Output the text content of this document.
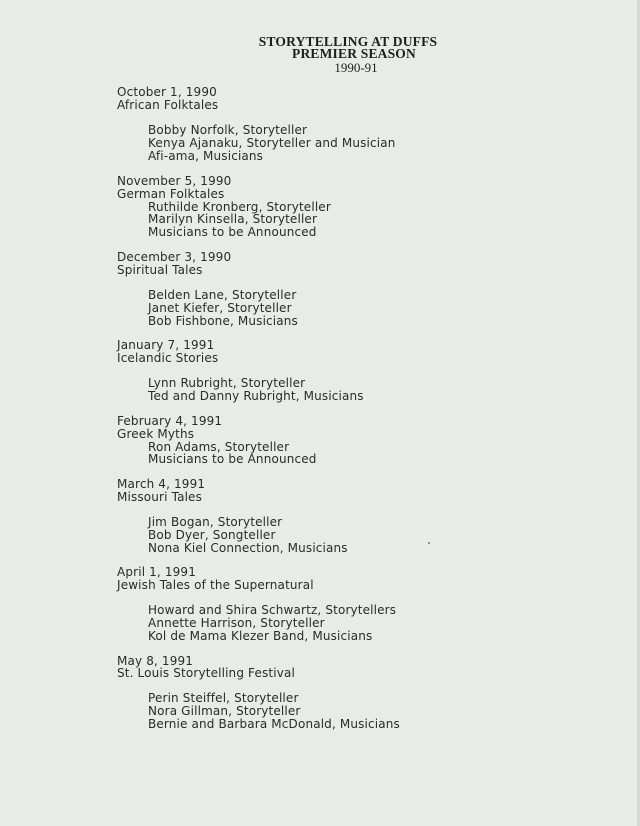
STORYTELLING AT DUFFS
PREMIER SEASON
1990-91
October 1, 1990
African Folktales
Bobby Norfolk, Storyteller
Kenya Ajanaku, Storyteller and Musician
Afi-ama, Musicians
November 5, 1990
German Folktales
Ruthilde Kronberg, Storyteller
Marilyn Kinsella, Storyteller
Musicians to be Announced
December 3, 1990
Spiritual Tales
Belden Lane, Storyteller
Janet Kiefer, Storyteller
Bob Fishbone, Musicians
January 7, 1991
Icelandic Stories
Lynn Rubright, Storyteller
Ted and Danny Rubright, Musicians
February 4, 1991
Greek Myths
Ron Adams, Storyteller
Musicians to be Announced
March 4, 1991
Missouri Tales
Jim Bogan, Storyteller
Bob Dyer, Songteller
Nona Kiel Connection, Musicians
April 1, 1991
Jewish Tales of the Supernatural
Howard and Shira Schwartz, Storytellers
Annette Harrison, Storyteller
Kol de Mama Klezer Band, Musicians
May 8, 1991
St. Louis Storytelling Festival
Perin Steiffel, Storyteller
Nora Gillman, Storyteller
Bernie and Barbara McDonald, Musicians
